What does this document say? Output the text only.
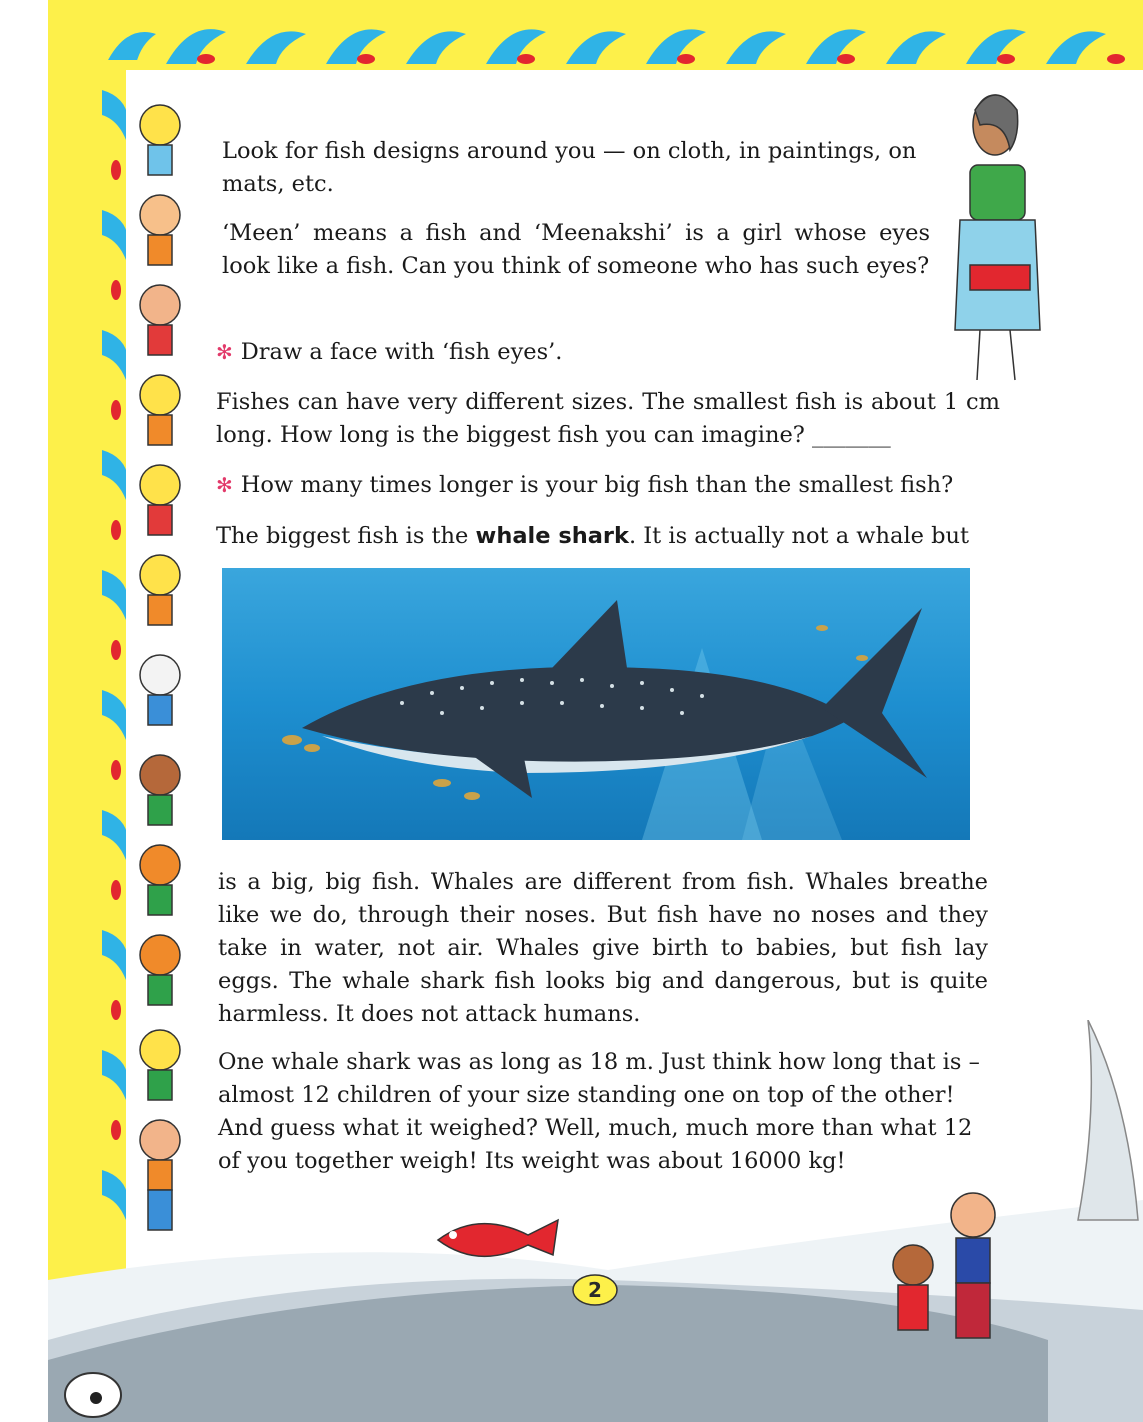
Look for fish designs around you — on cloth, in paintings, on mats, etc.
‘Meen’ means a fish and ‘Meenakshi’ is a girl whose eyes look like a fish. Can you think of someone who has such eyes?
✻ Draw a face with ‘fish eyes’.
Fishes can have very different sizes. The smallest fish is about 1 cm long. How long is the biggest fish you can imagine? _______
✻ How many times longer is your big fish than the smallest fish?
The biggest fish is the whale shark. It is actually not a whale but
is a big, big fish. Whales are different from fish. Whales breathe like we do, through their noses. But fish have no noses and they take in water, not air. Whales give birth to babies, but fish lay eggs. The whale shark fish looks big and dangerous, but is quite harmless. It does not attack humans.
One whale shark was as long as 18 m. Just think how long that is – almost 12 children of your size standing one on top of the other! And guess what it weighed? Well, much, much more than what 12 of you together weigh! Its weight was about 16000 kg!
2
